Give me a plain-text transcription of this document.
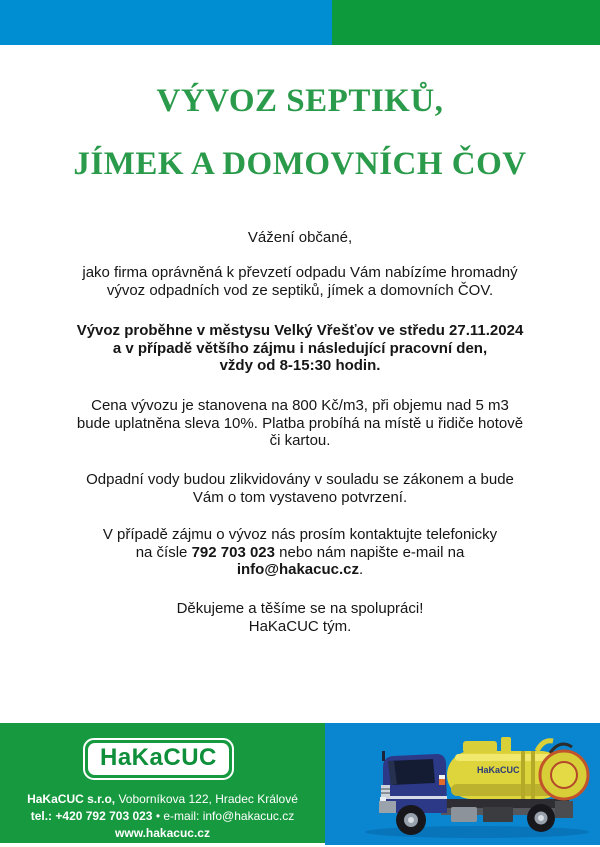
VÝVOZ SEPTIKŮ,
JÍMEK A DOMOVNÍCH ČOV

Vážení občané,

jako firma oprávněná k převzetí odpadu Vám nabízíme hromadný
vývoz odpadních vod ze septiků, jímek a domovních ČOV.

Vývoz proběhne v městysu Velký Vřešťov ve středu 27.11.2024
a v případě většího zájmu i následující pracovní den,
vždy od 8-15:30 hodin.

Cena vývozu je stanovena na 800 Kč/m3, při objemu nad 5 m3
bude uplatněna sleva 10%. Platba probíhá na místě u řidiče hotově
či kartou.

Odpadní vody budou zlikvidovány v souladu se zákonem a bude
Vám o tom vystaveno potvrzení.

V případě zájmu o vývoz nás prosím kontaktujte telefonicky
na čísle 792 703 023 nebo nám napište e-mail na
info@hakacuc.cz.

Děkujeme a těšíme se na spolupráci!
HaKaCUC tým.

HaKaCUC
HaKaCUC s.r.o, Voborníkova 122, Hradec Králové
tel.: +420 792 703 023 • e-mail: info@hakacuc.cz
www.hakacuc.cz
HaKaCUC
